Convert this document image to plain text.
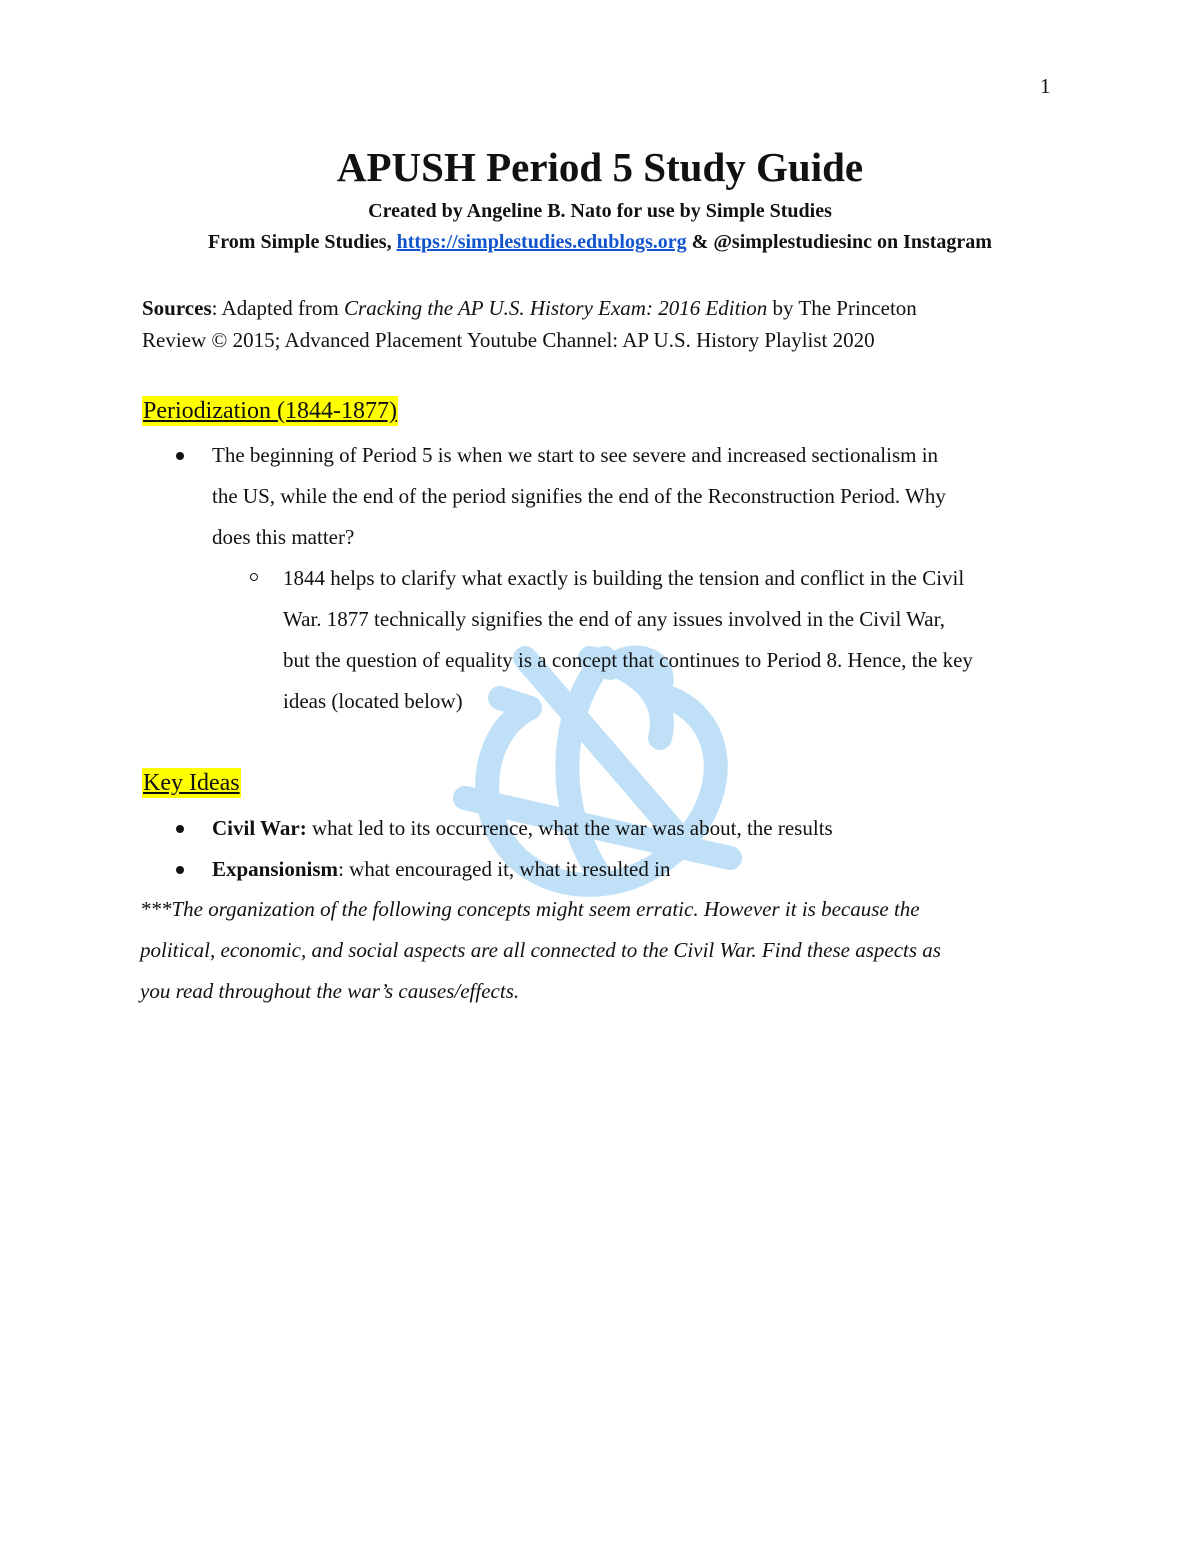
1
APUSH Period 5 Study Guide
Created by Angeline B. Nato for use by Simple Studies
From Simple Studies, https://simplestudies.edublogs.org & @simplestudiesinc on Instagram
Sources: Adapted from Cracking the AP U.S. History Exam: 2016 Edition by The Princeton
Review © 2015; Advanced Placement Youtube Channel: AP U.S. History Playlist 2020
Periodization (1844-1877)
The beginning of Period 5 is when we start to see severe and increased sectionalism in
the US, while the end of the period signifies the end of the Reconstruction Period. Why
does this matter?
1844 helps to clarify what exactly is building the tension and conflict in the Civil
War. 1877 technically signifies the end of any issues involved in the Civil War,
but the question of equality is a concept that continues to Period 8. Hence, the key
ideas (located below)
Key Ideas
Civil War: what led to its occurrence, what the war was about, the results
Expansionism: what encouraged it, what it resulted in
***The organization of the following concepts might seem erratic. However it is because the
political, economic, and social aspects are all connected to the Civil War. Find these aspects as
you read throughout the war’s causes/effects.
